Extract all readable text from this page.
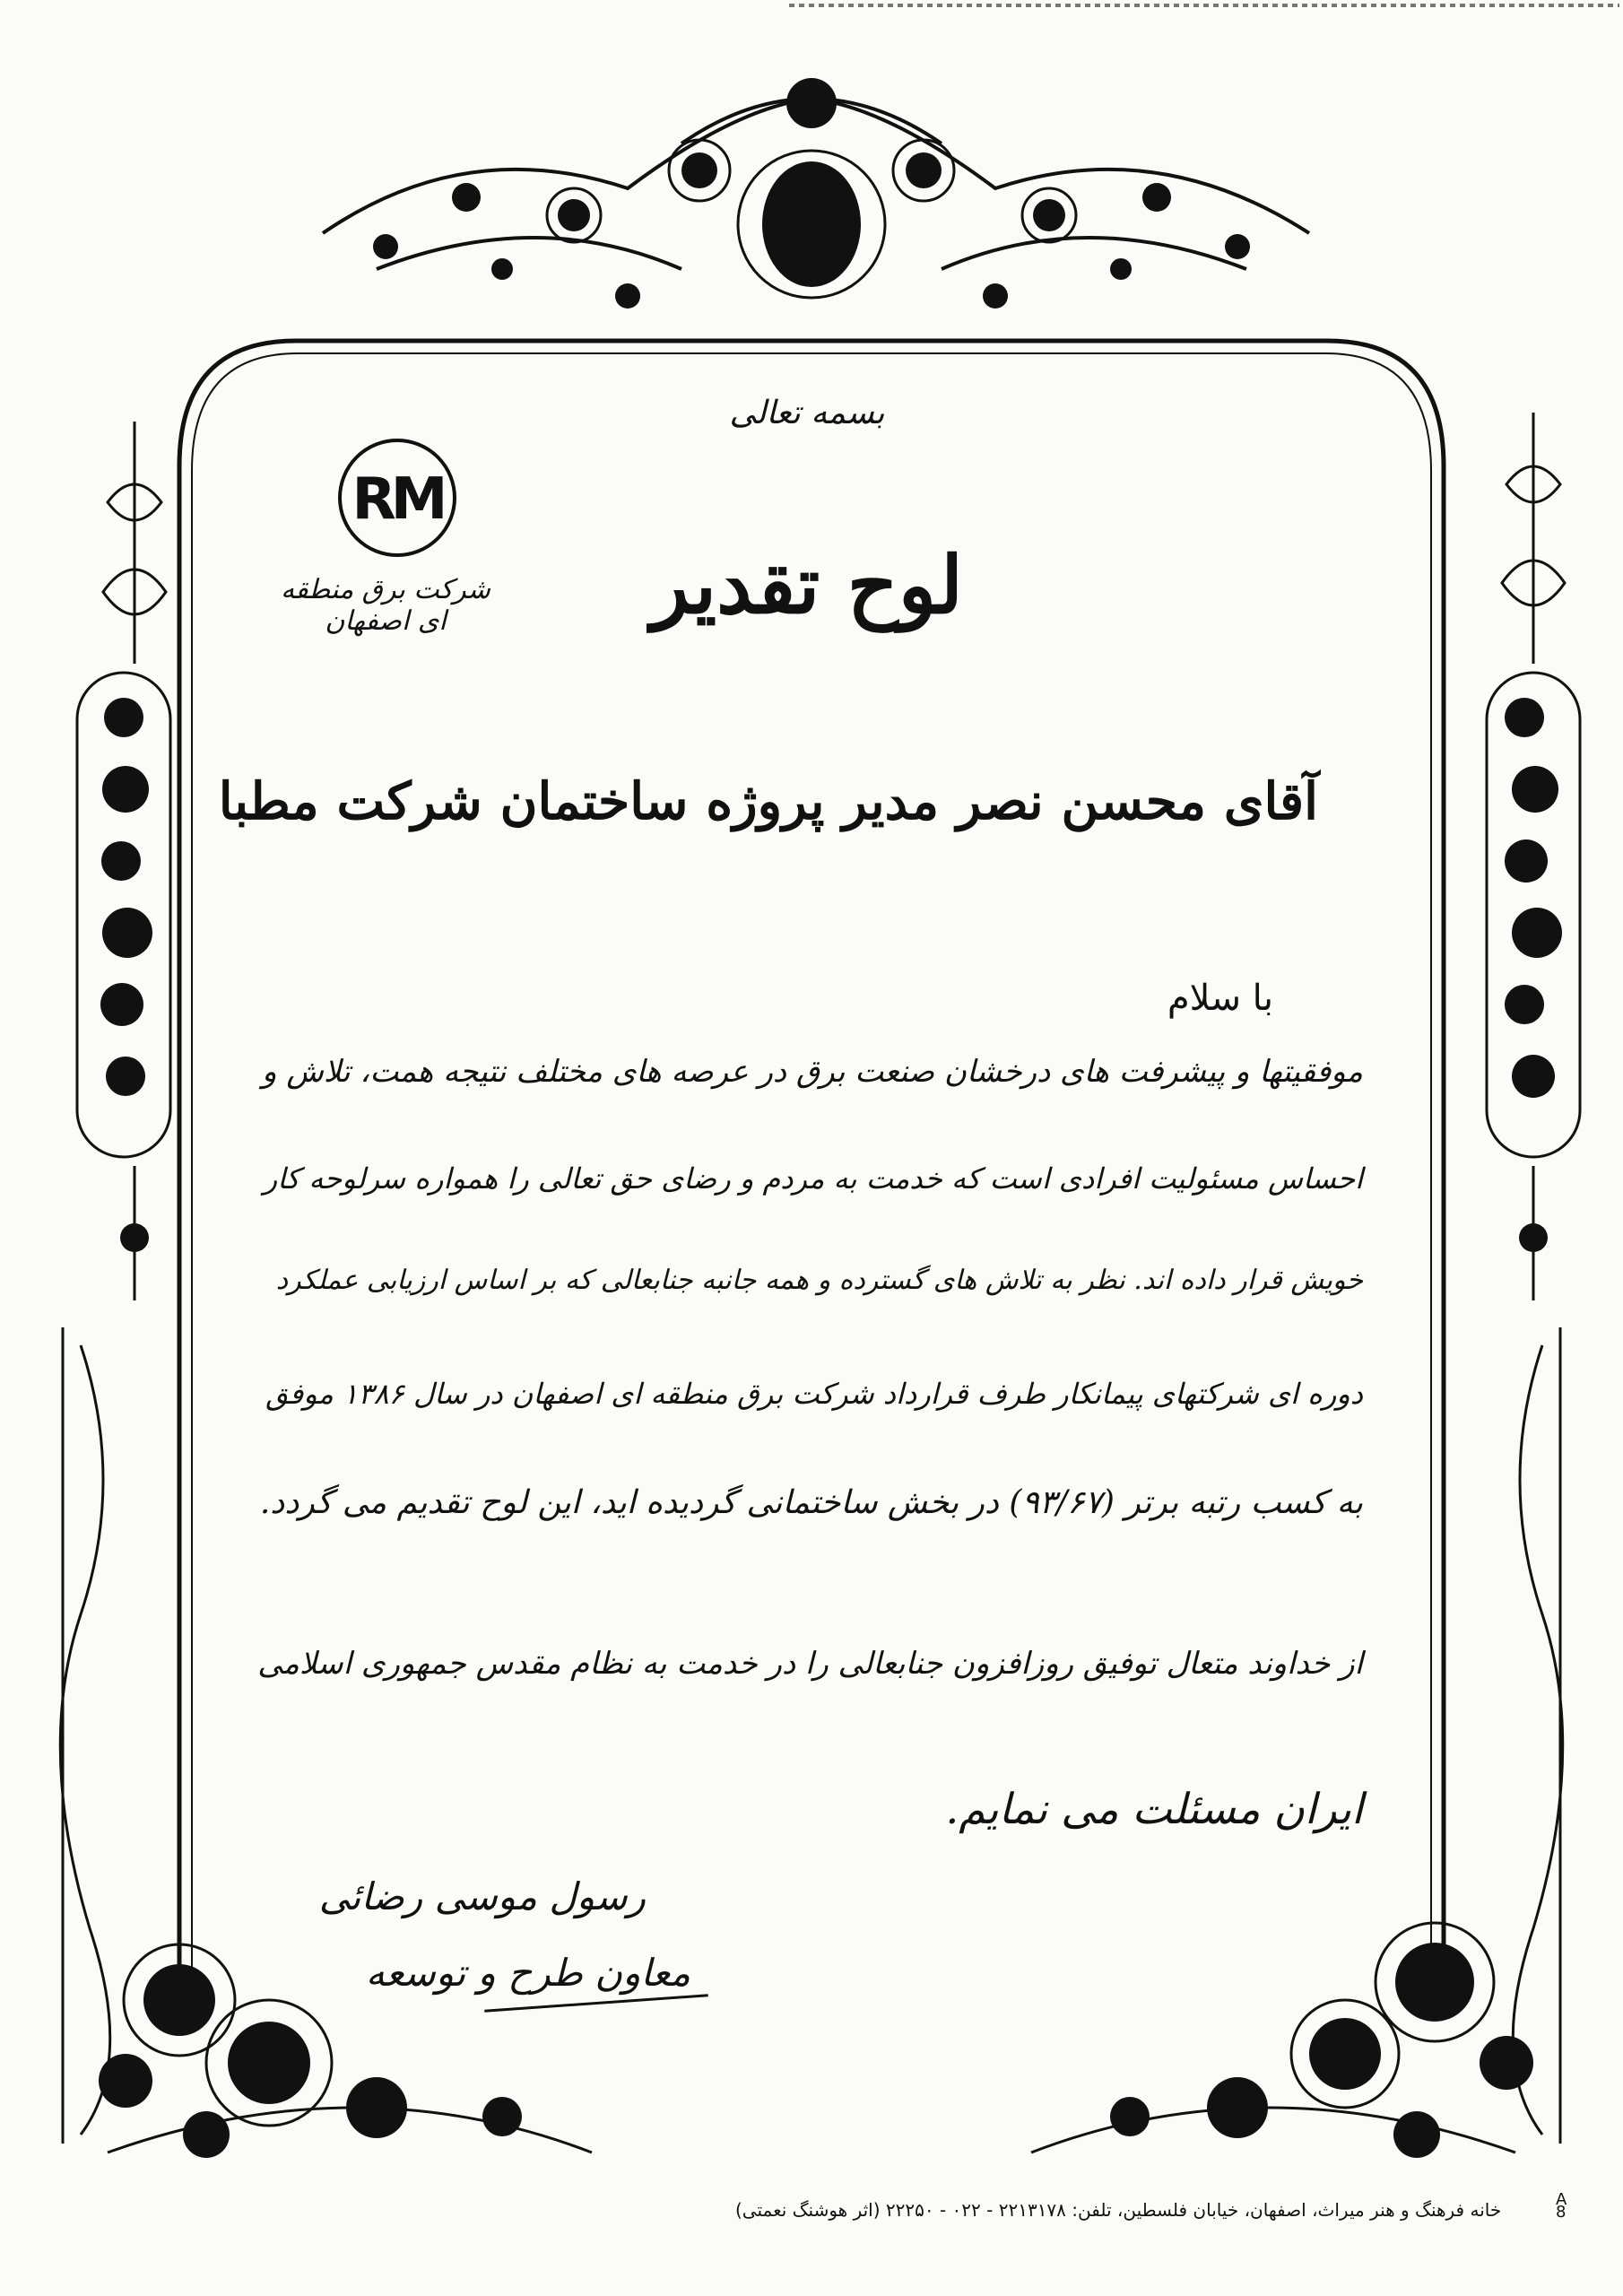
RM
شرکت برق منطقه ای اصفهان
بسمه تعالی
لوح تقدیر
آقای محسن نصر مدیر پروژه ساختمان شرکت مطبا
با سلام
موفقیتها و پیشرفت های درخشان صنعت برق در عرصه های مختلف نتیجه همت، تلاش و
احساس مسئولیت افرادی است که خدمت به مردم و رضای حق تعالی را همواره سرلوحه کار
خویش قرار داده اند. نظر به تلاش های گسترده و همه جانبه جنابعالی که بر اساس ارزیابی عملکرد
دوره ای شرکتهای پیمانکار طرف قرارداد شرکت برق منطقه ای اصفهان در سال ۱۳۸۶ موفق
به کسب رتبه برتر (۹۳/۶۷) در بخش ساختمانی گردیده اید، این لوح تقدیم می گردد.
از خداوند متعال توفیق روزافزون جنابعالی را در خدمت به نظام مقدس جمهوری اسلامی
ایران مسئلت می نمایم.
رسول موسی رضائی
معاون طرح و توسعه
خانه فرهنگ و هنر میراث، اصفهان، خیابان فلسطین، تلفن: ۲۲۱۳۱۷۸ - ۰۲۲ - ۲۲۲۵۰ (اثر هوشنگ نعمتی)	A
8
